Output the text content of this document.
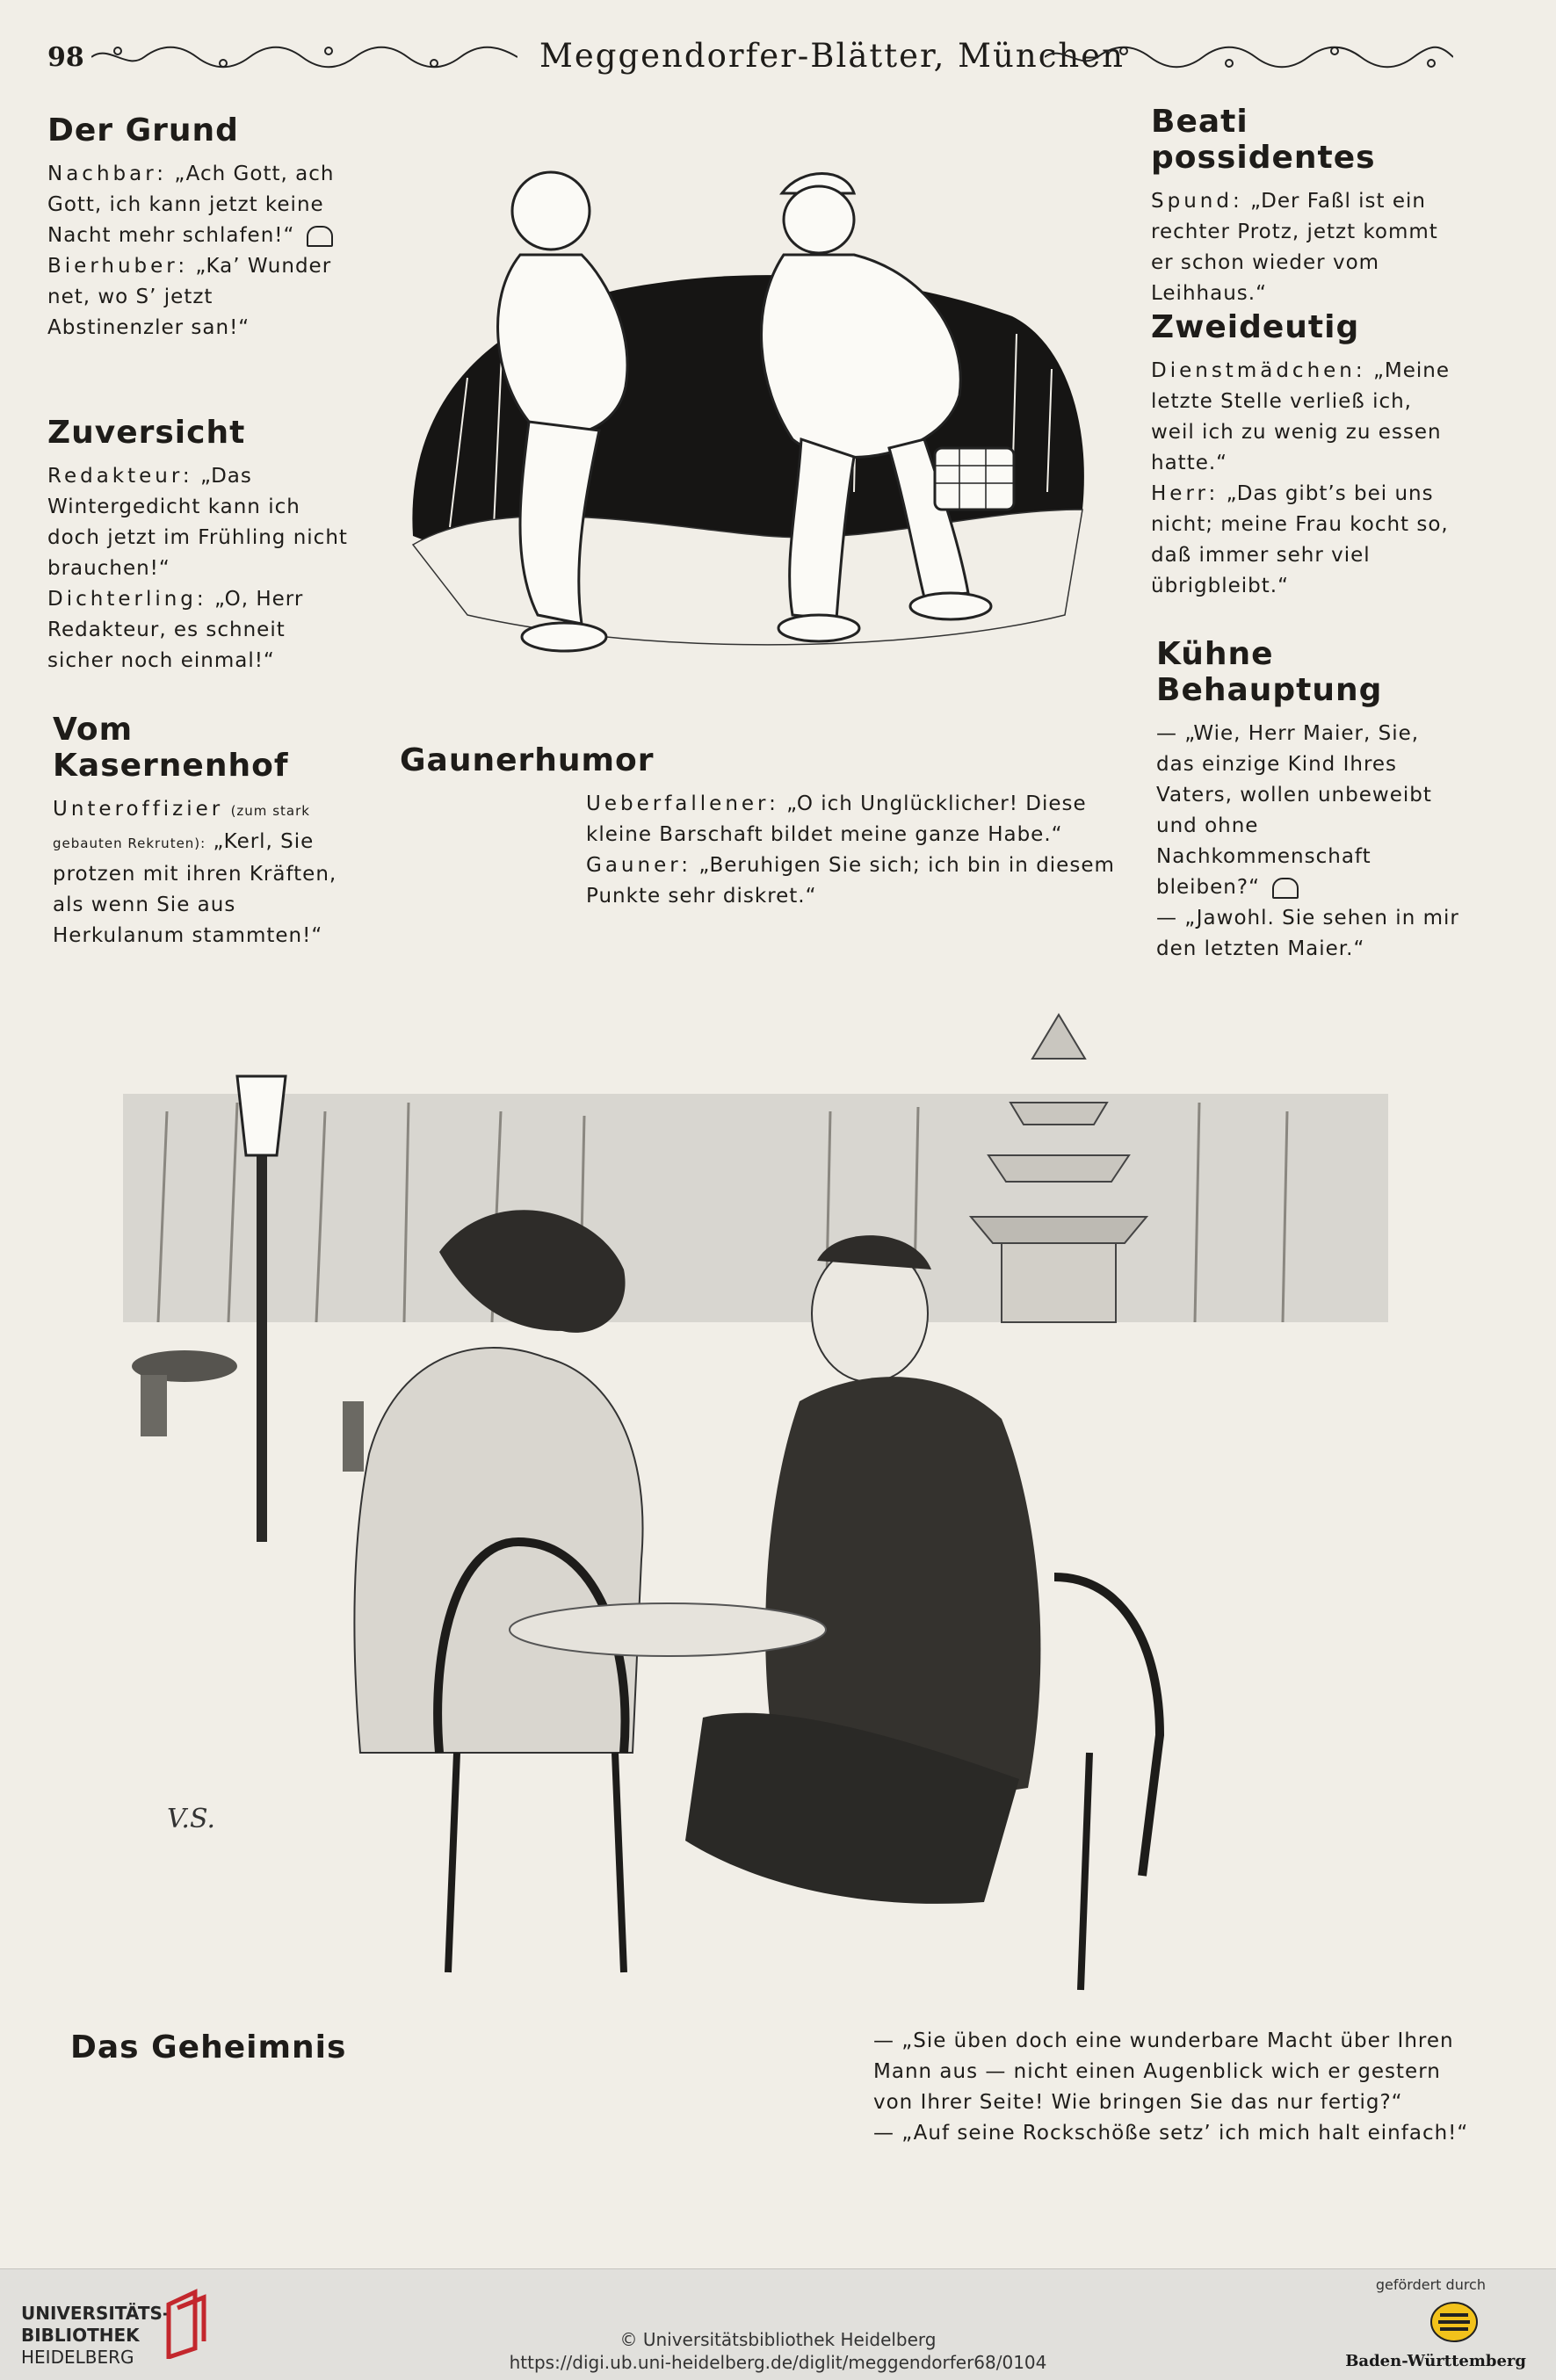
98	Meggendorfer-Blätter, München
Der Grund

Nachbar: „Ach Gott, ach Gott, ich kann jetzt keine Nacht mehr schlafen!“
Bierhuber: „Ka’ Wunder net, wo S’ jetzt Abstinenzler san!“

Zuversicht

Redakteur: „Das Wintergedicht kann ich doch jetzt im Frühling nicht brauchen!“
Dichterling: „O, Herr Redakteur, es schneit sicher noch einmal!“

Vom Kasernenhof

Unteroffizier (zum stark gebauten Rekruten): „Kerl, Sie protzen mit ihren Kräften, als wenn Sie aus Herkulanum stammten!“

Gaunerhumor

Ueberfallener: „O ich Unglücklicher! Diese kleine Barschaft bildet meine ganze Habe.“
Gauner: „Beruhigen Sie sich; ich bin in diesem Punkte sehr diskret.“

Beati possidentes

Spund: „Der Faßl ist ein rechter Protz, jetzt kommt er schon wieder vom Leihhaus.“

Zweideutig

Dienstmädchen: „Meine letzte Stelle verließ ich, weil ich zu wenig zu essen hatte.“
Herr: „Das gibt’s bei uns nicht; meine Frau kocht so, daß immer sehr viel übrigbleibt.“

Kühne Behauptung

— „Wie, Herr Maier, Sie, das einzige Kind Ihres Vaters, wollen unbeweibt und ohne Nachkommenschaft bleiben?“
— „Jawohl. Sie sehen in mir den letzten Maier.“

V.S.
Das Geheimnis	— „Sie üben doch eine wunderbare Macht über Ihren Mann aus — nicht einen Augenblick wich er gestern von Ihrer Seite! Wie bringen Sie das nur fertig?“
— „Auf seine Rockschöße setz’ ich mich halt einfach!“

UNIVERSITÄTS-
BIBLIOTHEK
HEIDELBERG
© Universitätsbibliothek Heidelberg
https://digi.ub.uni-heidelberg.de/diglit/meggendorfer68/0104
gefördert durch
Baden-Württemberg
